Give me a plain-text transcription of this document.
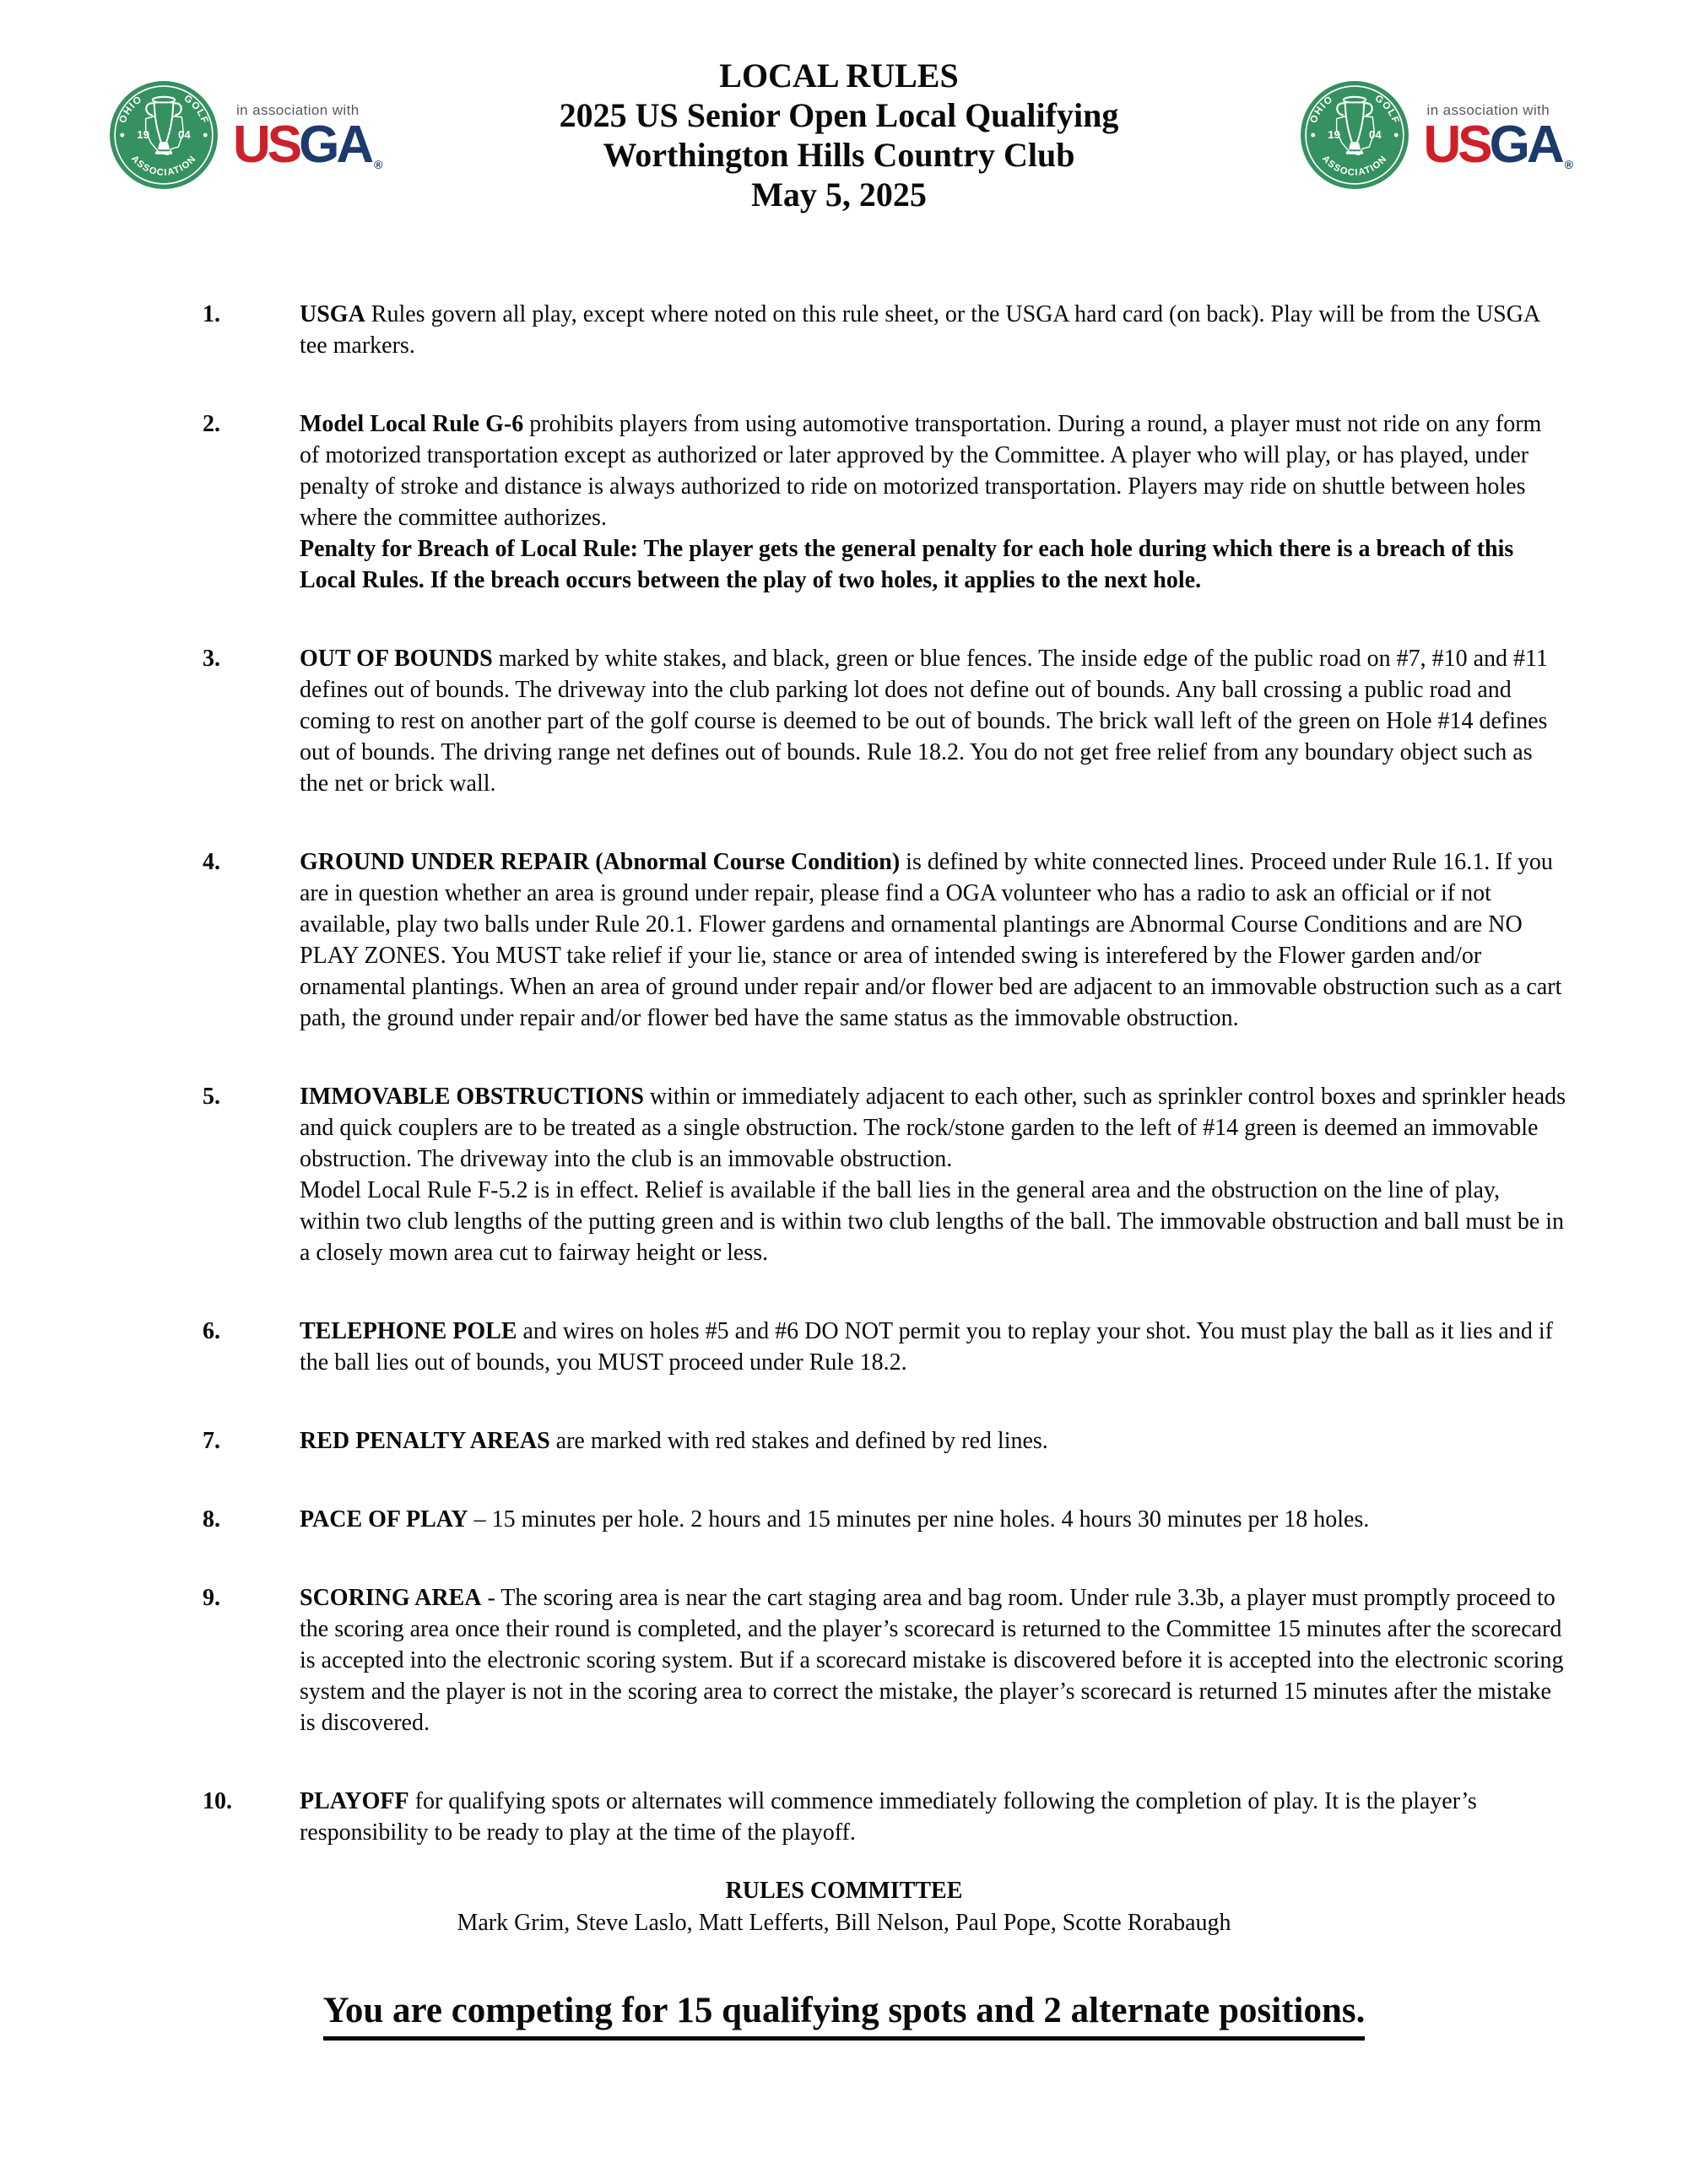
OHIO	GOLF
ASSOCIATION
19	04
in association with
USGA ®
LOCAL RULES
2025 US Senior Open Local Qualifying
Worthington Hills Country Club
May 5, 2025
OHIO	GOLF
ASSOCIATION
19	04
in association with
USGA ®
1.	USGA Rules govern all play, except where noted on this rule sheet, or the USGA hard card (on back). Play will be from the USGA tee markers.

2.	Model Local Rule G-6 prohibits players from using automotive transportation. During a round, a player must not ride on any form of motorized transportation except as authorized or later approved by the Committee. A player who will play, or has played, under penalty of stroke and distance is always authorized to ride on motorized transportation. Players may ride on shuttle between holes where the committee authorizes.

Penalty for Breach of Local Rule: The player gets the general penalty for each hole during which there is a breach of this Local Rules. If the breach occurs between the play of two holes, it applies to the next hole.

3.	OUT OF BOUNDS marked by white stakes, and black, green or blue fences. The inside edge of the public road on #7, #10 and #11 defines out of bounds. The driveway into the club parking lot does not define out of bounds. Any ball crossing a public road and coming to rest on another part of the golf course is deemed to be out of bounds. The brick wall left of the green on Hole #14 defines out of bounds. The driving range net defines out of bounds. Rule 18.2. You do not get free relief from any boundary object such as the net or brick wall.

4.	GROUND UNDER REPAIR (Abnormal Course Condition) is defined by white connected lines. Proceed under Rule 16.1. If you are in question whether an area is ground under repair, please find a OGA volunteer who has a radio to ask an official or if not available, play two balls under Rule 20.1. Flower gardens and ornamental plantings are Abnormal Course Conditions and are NO PLAY ZONES. You MUST take relief if your lie, stance or area of intended swing is interefered by the Flower garden and/or ornamental plantings. When an area of ground under repair and/or flower bed are adjacent to an immovable obstruction such as a cart path, the ground under repair and/or flower bed have the same status as the immovable obstruction.

5.	IMMOVABLE OBSTRUCTIONS within or immediately adjacent to each other, such as sprinkler control boxes and sprinkler heads and quick couplers are to be treated as a single obstruction. The rock/stone garden to the left of #14 green is deemed an immovable obstruction. The driveway into the club is an immovable obstruction.

Model Local Rule F-5.2 is in effect. Relief is available if the ball lies in the general area and the obstruction on the line of play, within two club lengths of the putting green and is within two club lengths of the ball. The immovable obstruction and ball must be in a closely mown area cut to fairway height or less.

6.	TELEPHONE POLE and wires on holes #5 and #6 DO NOT permit you to replay your shot. You must play the ball as it lies and if the ball lies out of bounds, you MUST proceed under Rule 18.2.

7.	RED PENALTY AREAS are marked with red stakes and defined by red lines.

8.	PACE OF PLAY – 15 minutes per hole. 2 hours and 15 minutes per nine holes. 4 hours 30 minutes per 18 holes.

9.	SCORING AREA - The scoring area is near the cart staging area and bag room. Under rule 3.3b, a player must promptly proceed to the scoring area once their round is completed, and the player’s scorecard is returned to the Committee 15 minutes after the scorecard is accepted into the electronic scoring system. But if a scorecard mistake is discovered before it is accepted into the electronic scoring system and the player is not in the scoring area to correct the mistake, the player’s scorecard is returned 15 minutes after the mistake is discovered.

10.	PLAYOFF for qualifying spots or alternates will commence immediately following the completion of play. It is the player’s responsibility to be ready to play at the time of the playoff.

RULES COMMITTEE
Mark Grim, Steve Laslo, Matt Lefferts, Bill Nelson, Paul Pope, Scotte Rorabaugh
You are competing for 15 qualifying spots and 2 alternate positions.
